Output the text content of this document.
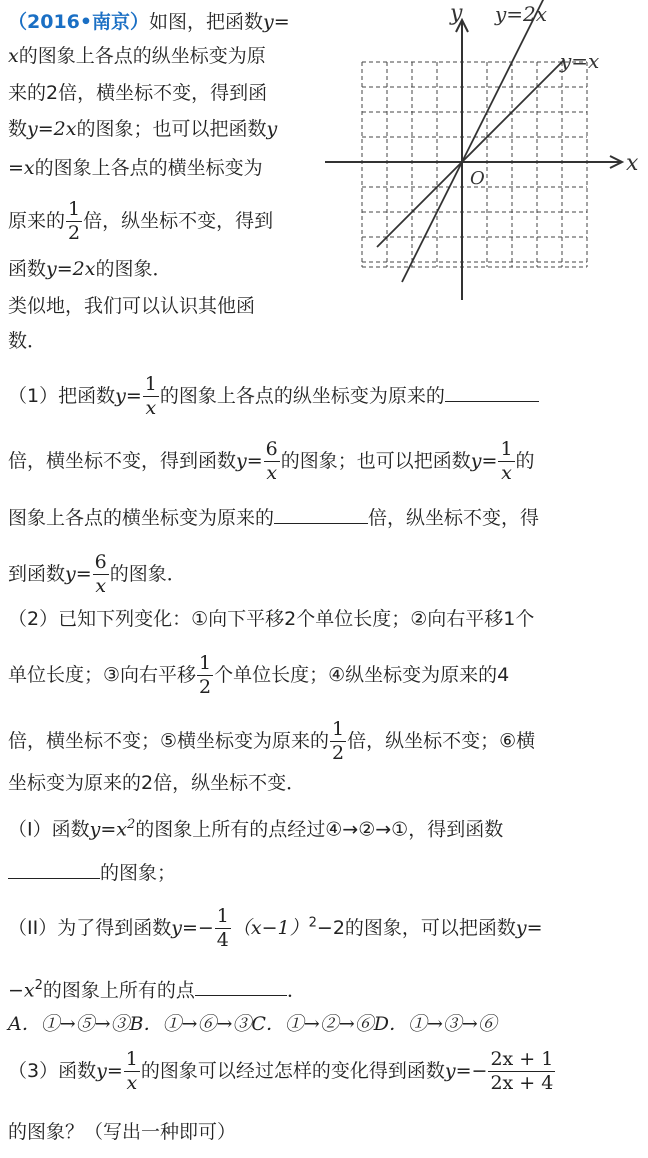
（2016•南京）如图，把函数y=
x的图象上各点的纵坐标变为原
来的2倍，横坐标不变，得到函
数y=2x的图象；也可以把函数y
=x的图象上各点的横坐标变为
原来的 $\frac{1}{2}$ 倍，纵坐标不变，得到
函数y=2x的图象．
类似地，我们可以认识其他函
数．
y
x
O
y=2x
y=x
（1）把函数$y= \frac{1}{x}$ 的图象上各点的纵坐标变为原来的
倍，横坐标不变，得到函数$y= \frac{6}{x}$ 的图象；也可以把函数$y= \frac{1}{x}$ 的
图象上各点的横坐标变为原来的	倍，纵坐标不变，得
到函数$y= \frac{6}{x}$ 的图象．
（2）已知下列变化：①向下平移2个单位长度；②向右平移1个
单位长度；③向右平移 $\frac{1}{2}$ 个单位长度；④纵坐标变为原来的4
倍，横坐标不变；⑤横坐标变为原来的 $\frac{1}{2}$ 倍，纵坐标不变；⑥横
坐标变为原来的2倍，纵坐标不变．
（I）函数$y=x^2$的图象上所有的点经过④→②→①，得到函数
的图象；
（II）为了得到函数$y=- \frac{1}{4} (x-1)^2-2$的图象，可以把函数y=
$-x^2$的图象上所有的点	．
A．①→⑤→③B．①→⑥→③C．①→②→⑥D．①→③→⑥
（3）函数$y= \frac{1}{x}$ 的图象可以经过怎样的变化得到函数$y=- \frac{2x + 1}{2x + 4}$
的图象？（写出一种即可）
